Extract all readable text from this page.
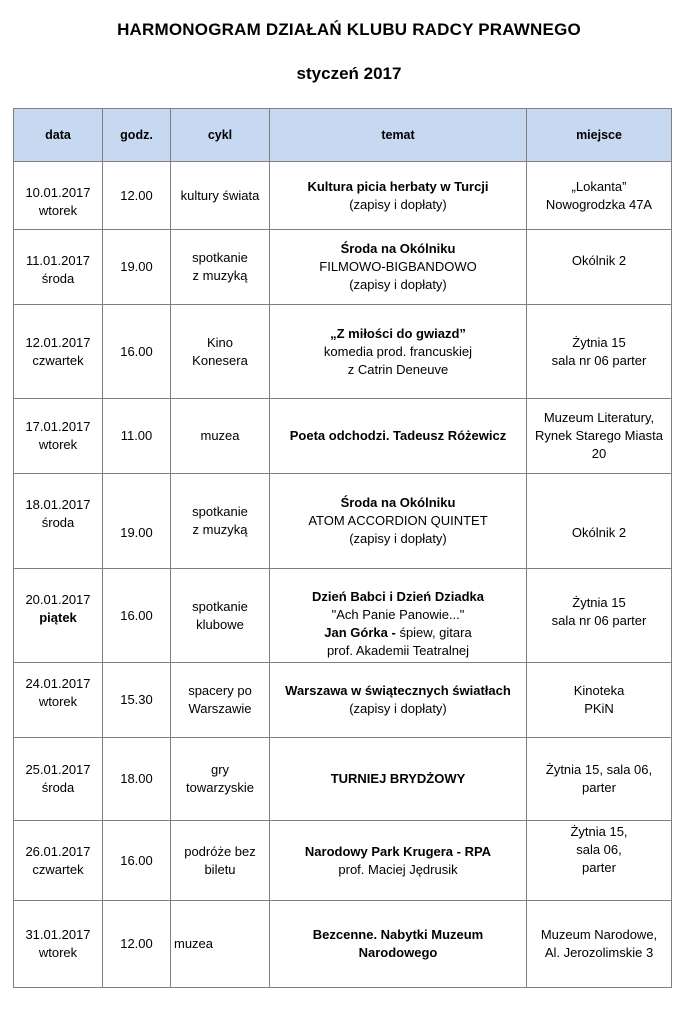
HARMONOGRAM DZIAŁAŃ KLUBU RADCY PRAWNEGO
styczeń 2017
data	godz.	cykl	temat	miejsce

10.01.2017
wtorek	12.00	kultury świata	Kultura picia herbaty w Turcji
(zapisy i dopłaty)	„Lokanta”
Nowogrodzka 47A

11.01.2017
środa	19.00	spotkanie
z muzyką	Środa na Okólniku
FILMOWO-BIGBANDOWO
(zapisy i dopłaty)	Okólnik 2

12.01.2017
czwartek	16.00	Kino
Konesera	„Z miłości do gwiazd”
komedia prod. francuskiej
z Catrin Deneuve	Żytnia 15
sala nr 06 parter

17.01.2017
wtorek	11.00	muzea	Poeta odchodzi. Tadeusz Różewicz	Muzeum Literatury,
Rynek Starego Miasta
20

18.01.2017
środa	19.00	spotkanie
z muzyką	Środa na Okólniku
ATOM ACCORDION QUINTET
(zapisy i dopłaty)	Okólnik 2

20.01.2017
piątek	16.00	spotkanie
klubowe	Dzień Babci i Dzień Dziadka
"Ach Panie Panowie..."
Jan Górka - śpiew, gitara
prof. Akademii Teatralnej	Żytnia 15
sala nr 06 parter

24.01.2017
wtorek	15.30	spacery po
Warszawie	Warszawa w świątecznych światłach
(zapisy i dopłaty)	Kinoteka
PKiN

25.01.2017
środa	18.00	gry
towarzyskie	TURNIEJ BRYDŻOWY	Żytnia 15, sala 06,
parter

26.01.2017
czwartek	16.00	podróże bez
biletu	Narodowy Park Krugera - RPA
prof. Maciej Jędrusik	Żytnia 15,
sala 06,
parter

31.01.2017
wtorek	12.00	muzea	Bezcenne. Nabytki Muzeum
Narodowego	Muzeum Narodowe,
Al. Jerozolimskie 3
